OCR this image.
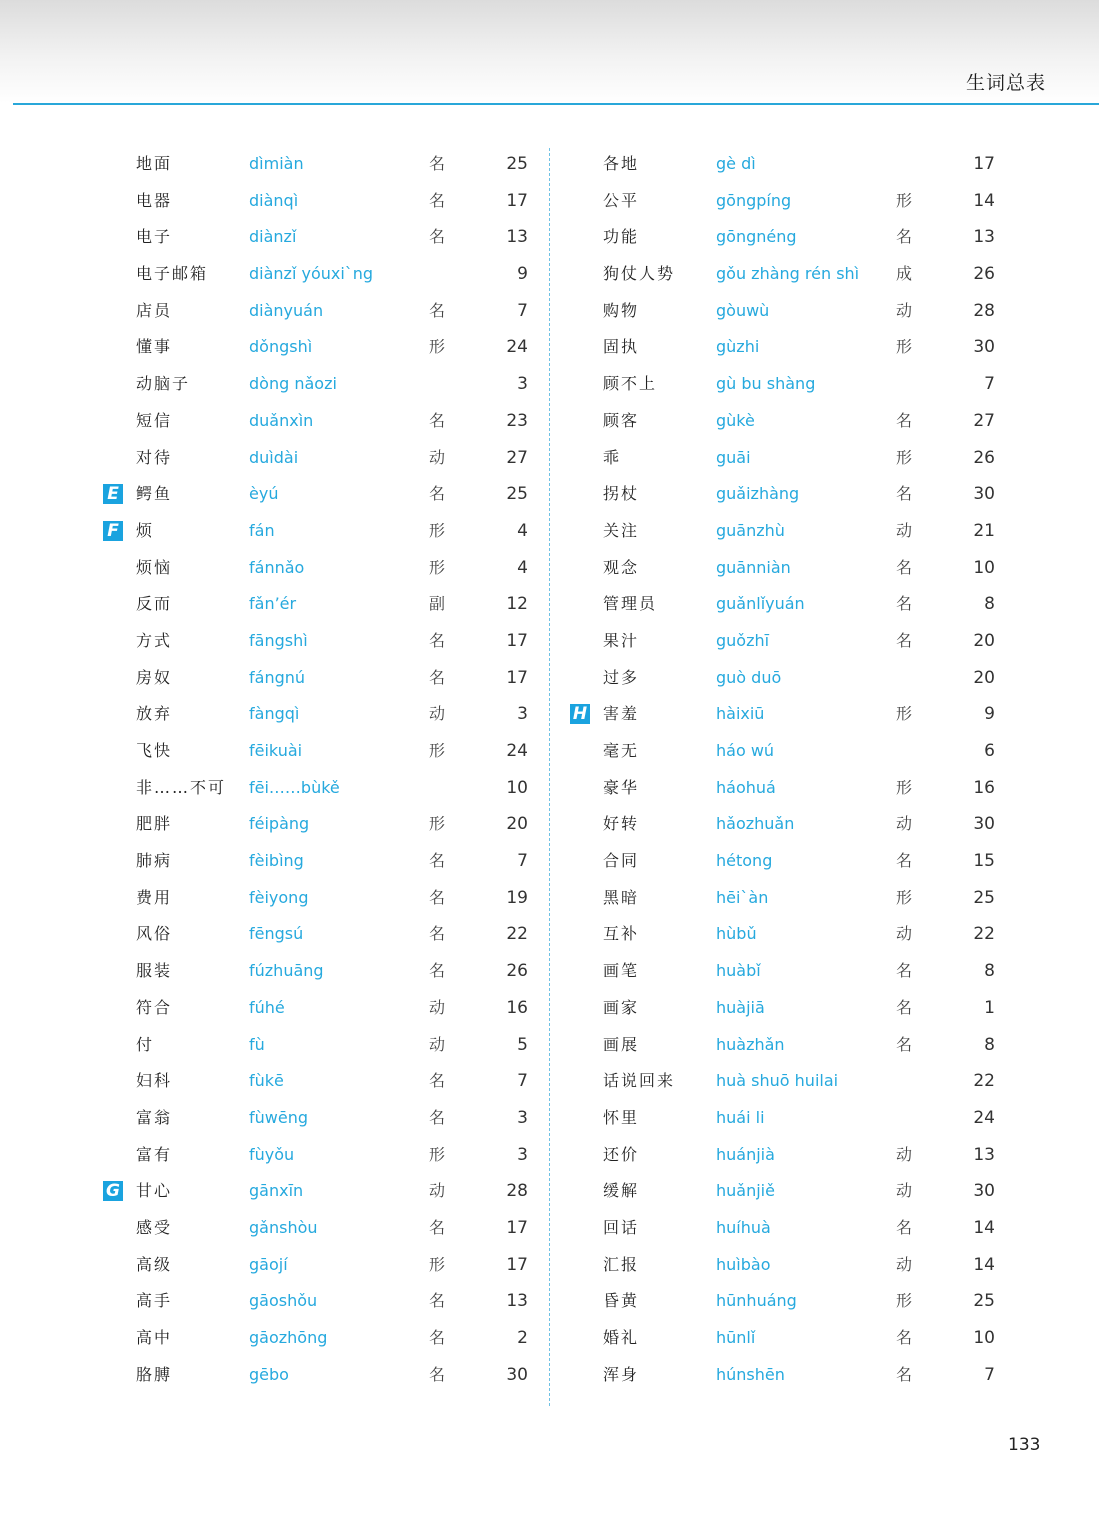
生词总表
地面	dìmiàn	名	25
电器	diànqì	名	17
电子	diànzǐ	名	13
电子邮箱	diànzǐ yóuxi`ng	9
店员	diànyuán	名	7
懂事	dǒngshì	形	24
动脑子	dòng nǎozi	3
短信	duǎnxìn	名	23
对待	duìdài	动	27
E 鳄鱼	èyú	名	25
F 烦	fán	形	4
烦恼	fánnǎo	形	4
反而	fǎn’ér	副	12
方式	fāngshì	名	17
房奴	fángnú	名	17
放弃	fàngqì	动	3
飞快	fēikuài	形	24
非……不可 fēi……bùkě	10
肥胖	féipàng	形	20
肺病	fèibìng	名	7
费用	fèiyong	名	19
风俗	fēngsú	名	22
服装	fúzhuāng	名	26
符合	fúhé	动	16
付	fù	动	5
妇科	fùkē	名	7
富翁	fùwēng	名	3
富有	fùyǒu	形	3
G 甘心	gānxīn	动	28
感受	gǎnshòu	名	17
高级	gāojí	形	17
高手	gāoshǒu	名	13
高中	gāozhōng	名	2
胳膊	gēbo	名	30
各地	gè dì	17
公平	gōngpíng	形	14
功能	gōngnéng	名	13
狗仗人势	gǒu zhàng rén shì 成	26
购物	gòuwù	动	28
固执	gùzhi	形	30
顾不上	gù bu shàng	7
顾客	gùkè	名	27
乖	guāi	形	26
拐杖	guǎizhàng	名	30
关注	guānzhù	动	21
观念	guānniàn	名	10
管理员	guǎnlǐyuán	名	8
果汁	guǒzhī	名	20
过多	guò duō	20
H 害羞	hàixiū	形	9
毫无	háo wú	6
豪华	háohuá	形	16
好转	hǎozhuǎn	动	30
合同	hétong	名	15
黑暗	hēi`àn	形	25
互补	hùbǔ	动	22
画笔	huàbǐ	名	8
画家	huàjiā	名	1
画展	huàzhǎn	名	8
话说回来	huà shuō huilai	22
怀里	huái li	24
还价	huánjià	动	13
缓解	huǎnjiě	动	30
回话	huíhuà	名	14
汇报	huìbào	动	14
昏黄	hūnhuáng	形	25
婚礼	hūnlǐ	名	10
浑身	húnshēn	名	7
133
